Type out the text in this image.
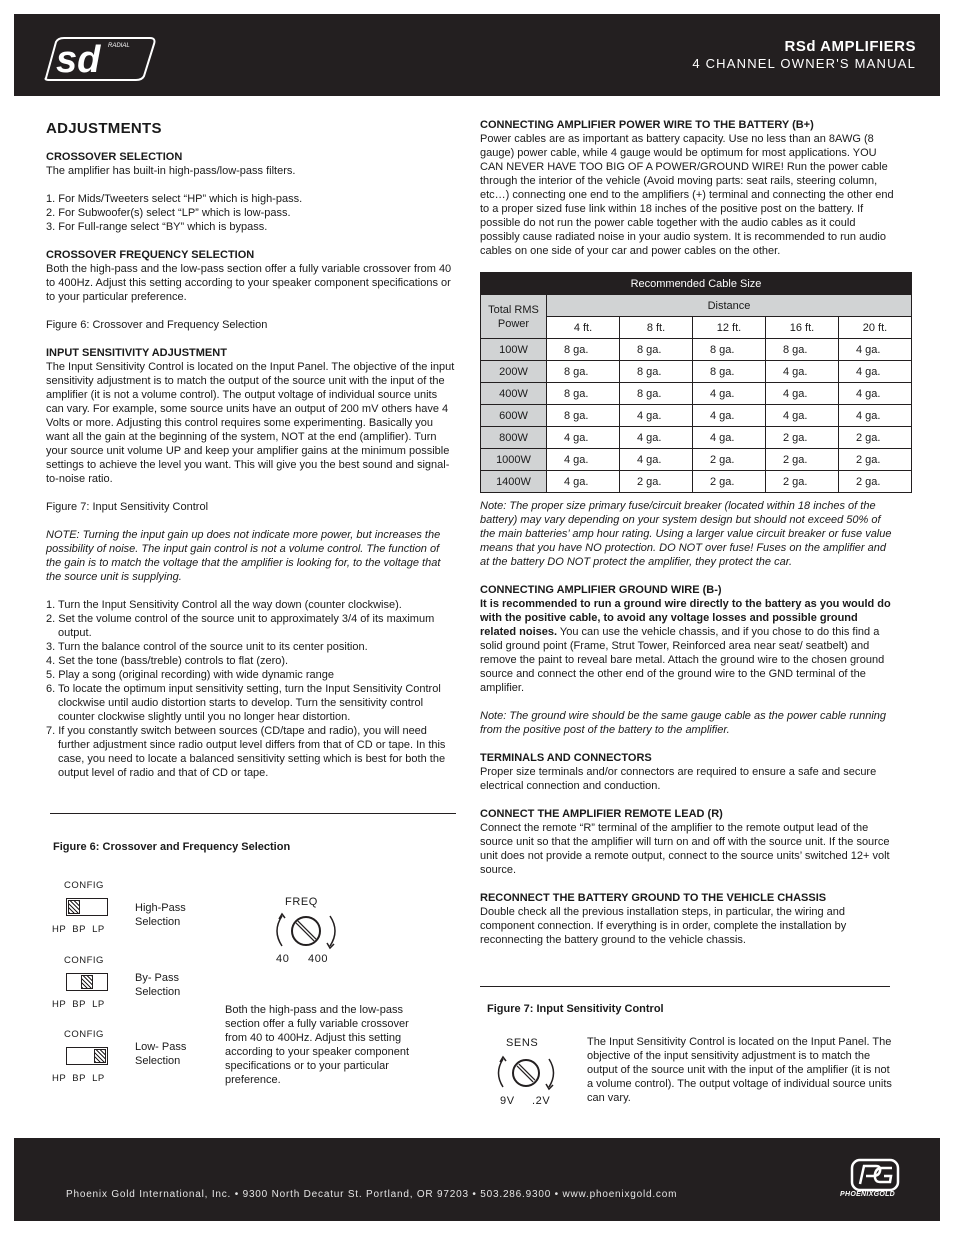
sd RADIAL	RSd AMPLIFIERS
4 CHANNEL OWNER'S MANUAL
ADJUSTMENTS
CROSSOVER SELECTION
The amplifier has built-in high-pass/low-pass filters.
1. For Mids/Tweeters select “HP” which is high-pass.
2. For Subwoofer(s) select “LP” which is low-pass.
3. For Full-range select “BY” which is bypass.
CROSSOVER FREQUENCY SELECTION
Both the high-pass and the low-pass section offer a fully variable crossover from 40 to 400Hz. Adjust this setting according to your speaker component specifications or to your particular preference.
Figure 6: Crossover and Frequency Selection
INPUT SENSITIVITY ADJUSTMENT
The Input Sensitivity Control is located on the Input Panel. The objective of the input sensitivity adjustment is to match the output of the source unit with the input of the amplifier (it is not a volume control). The output voltage of individual source units can vary. For example, some source units have an output of 200 mV others have 4 Volts or more. Adjusting this control requires some experimenting. Basically you want all the gain at the beginning of the system, NOT at the end (amplifier). Turn your source unit volume UP and keep your amplifier gains at the minimum possible settings to achieve the level you want. This will give you the best sound and signal-to-noise ratio.
Figure 7: Input Sensitivity Control
NOTE: Turning the input gain up does not indicate more power, but increases the possibility of noise. The input gain control is not a volume control. The function of the gain is to match the voltage that the amplifier is looking for, to the voltage that the source unit is supplying.
1. Turn the Input Sensitivity Control all the way down (counter clockwise).
2. Set the volume control of the source unit to approximately 3/4 of its maximum output.
3. Turn the balance control of the source unit to its center position.
4. Set the tone (bass/treble) controls to flat (zero).
5. Play a song (original recording) with wide dynamic range
6. To locate the optimum input sensitivity setting, turn the Input Sensitivity Control clockwise until audio distortion starts to develop. Turn the sensitivity control counter clockwise slightly until you no longer hear distortion.
7. If you constantly switch between sources (CD/tape and radio), you will need further adjustment since radio output level differs from that of CD or tape. In this case, you need to locate a balanced sensitivity setting which is best for both the output level of radio and that of CD or tape.
CONNECTING AMPLIFIER POWER WIRE TO THE BATTERY (B+)
Power cables are as important as battery capacity. Use no less than an 8AWG (8 gauge) power cable, while 4 gauge would be optimum for most applications. YOU CAN NEVER HAVE TOO BIG OF A POWER/GROUND WIRE! Run the power cable through the interior of the vehicle (Avoid moving parts: seat rails, steering column, etc…) connecting one end to the amplifiers (+) terminal and connecting the other end to a proper sized fuse link within 18 inches of the positive post on the battery. If possible do not run the power cable together with the audio cables as it could possibly cause radiated noise in your audio system. It is recommended to run audio cables on one side of your car and power cables on the other.
Recommended Cable Size					
Total RMS Power	Distance				
	4 ft.	8 ft.	12 ft.	16 ft.	20 ft.
100W	8 ga.	8 ga.	8 ga.	8 ga.	4 ga.
200W	8 ga.	8 ga.	8 ga.	4 ga.	4 ga.
400W	8 ga.	8 ga.	4 ga.	4 ga.	4 ga.
600W	8 ga.	4 ga.	4 ga.	4 ga.	4 ga.
800W	4 ga.	4 ga.	4 ga.	2 ga.	2 ga.
1000W	4 ga.	4 ga.	2 ga.	2 ga.	2 ga.
1400W	4 ga.	2 ga.	2 ga.	2 ga.	2 ga.
Note: The proper size primary fuse/circuit breaker (located within 18 inches of the battery) may vary depending on your system design but should not exceed 50% of the main batteries’ amp hour rating. Using a larger value circuit breaker or fuse value means that you have NO protection. DO NOT over fuse! Fuses on the amplifier and at the battery DO NOT protect the amplifier, they protect the car.
CONNECTING AMPLIFIER GROUND WIRE (B-)
It is recommended to run a ground wire directly to the battery as you would do with the positive cable, to avoid any voltage losses and possible ground related noises. You can use the vehicle chassis, and if you chose to do this find a solid ground point (Frame, Strut Tower, Reinforced area near seat/ seatbelt) and remove the paint to reveal bare metal. Attach the ground wire to the chosen ground source and connect the other end of the ground wire to the GND terminal of the amplifier.
Note: The ground wire should be the same gauge cable as the power cable running from the positive post of the battery to the amplifier.
TERMINALS AND CONNECTORS
Proper size terminals and/or connectors are required to ensure a safe and secure electrical connection and conduction.
CONNECT THE AMPLIFIER REMOTE LEAD (R)
Connect the remote “R” terminal of the amplifier to the remote output lead of the source unit so that the amplifier will turn on and off with the source unit. If the source unit does not provide a remote output, connect to the source units’ switched 12+ volt source.
RECONNECT THE BATTERY GROUND TO THE VEHICLE CHASSIS
Double check all the previous installation steps, in particular, the wiring and component connection. If everything is in order, complete the installation by reconnecting the battery ground to the vehicle chassis.
Figure 6: Crossover and Frequency Selection
CONFIG
HP  BP  LP
High-Pass
Selection
CONFIG
HP  BP  LP
By- Pass
Selection
CONFIG
HP  BP  LP
Low- Pass
Selection
FREQ
40 400
Both the high-pass and the low-pass section offer a fully variable crossover from 40 to 400Hz. Adjust this setting according to your speaker component specifications or to your particular preference.
Figure 7: Input Sensitivity Control
SENS
9V .2V
The Input Sensitivity Control is located on the Input Panel. The objective of the input sensitivity adjustment is to match the output of the source unit with the input of the amplifier (it is not a volume control). The output voltage of individual source units can vary.
Phoenix Gold International, Inc. • 9300 North Decatur St. Portland, OR 97203 • 503.286.9300 • www.phoenixgold.com	PHOENIXGOLD
